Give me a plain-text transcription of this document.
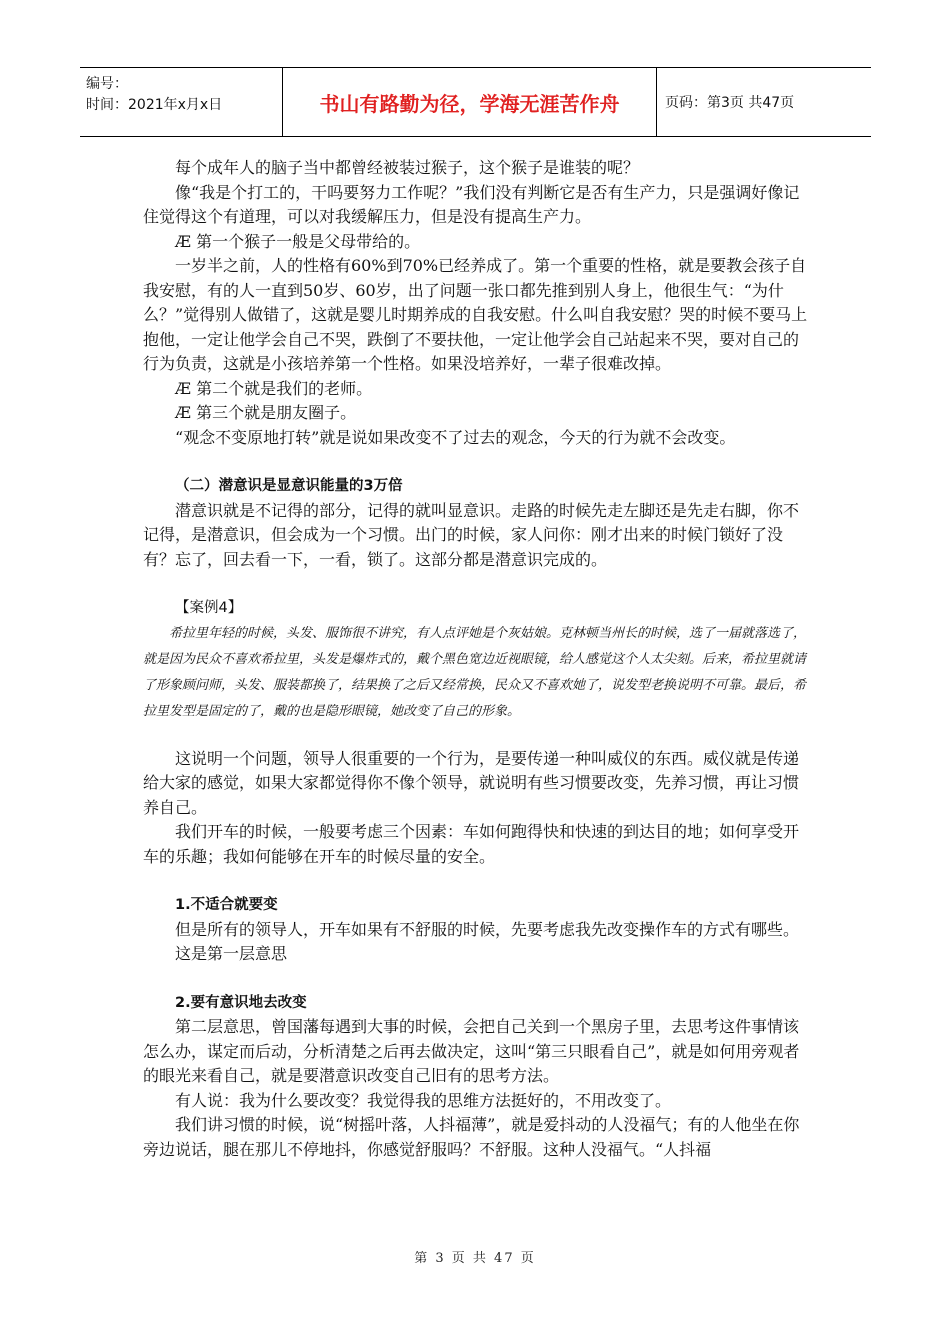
编号：
时间：2021年x月x日	书山有路勤为径，学海无涯苦作舟	页码：第3页 共47页

每个成年人的脑子当中都曾经被装过猴子，这个猴子是谁装的呢？

像“我是个打工的，干吗要努力工作呢？”我们没有判断它是否有生产力，只是强调好像记住觉得这个有道理，可以对我缓解压力，但是没有提高生产力。

Æ 第一个猴子一般是父母带给的。

一岁半之前，人的性格有60%到70%已经养成了。第一个重要的性格，就是要教会孩子自我安慰，有的人一直到50岁、60岁，出了问题一张口都先推到别人身上，他很生气：“为什么？”觉得别人做错了，这就是婴儿时期养成的自我安慰。什么叫自我安慰？哭的时候不要马上抱他，一定让他学会自己不哭，跌倒了不要扶他，一定让他学会自己站起来不哭，要对自己的行为负责，这就是小孩培养第一个性格。如果没培养好，一辈子很难改掉。

Æ 第二个就是我们的老师。

Æ 第三个就是朋友圈子。

“观念不变原地打转”就是说如果改变不了过去的观念，今天的行为就不会改变。

（二）潜意识是显意识能量的3万倍

潜意识就是不记得的部分，记得的就叫显意识。走路的时候先走左脚还是先走右脚，你不记得，是潜意识，但会成为一个习惯。出门的时候，家人问你：刚才出来的时候门锁好了没有？忘了，回去看一下，一看，锁了。这部分都是潜意识完成的。

【案例4】

希拉里年轻的时候，头发、服饰很不讲究，有人点评她是个灰姑娘。克林顿当州长的时候，选了一届就落选了，就是因为民众不喜欢希拉里，头发是爆炸式的，戴个黑色宽边近视眼镜，给人感觉这个人太尖刻。后来，希拉里就请了形象顾问师，头发、服装都换了，结果换了之后又经常换，民众又不喜欢她了，说发型老换说明不可靠。最后，希拉里发型是固定的了，戴的也是隐形眼镜，她改变了自己的形象。

这说明一个问题，领导人很重要的一个行为，是要传递一种叫威仪的东西。威仪就是传递给大家的感觉，如果大家都觉得你不像个领导，就说明有些习惯要改变，先养习惯，再让习惯养自己。

我们开车的时候，一般要考虑三个因素：车如何跑得快和快速的到达目的地；如何享受开车的乐趣；我如何能够在开车的时候尽量的安全。

1.不适合就要变

但是所有的领导人，开车如果有不舒服的时候，先要考虑我先改变操作车的方式有哪些。

这是第一层意思

2.要有意识地去改变

第二层意思，曾国藩每遇到大事的时候，会把自己关到一个黑房子里，去思考这件事情该怎么办，谋定而后动，分析清楚之后再去做决定，这叫“第三只眼看自己”，就是如何用旁观者的眼光来看自己，就是要潜意识改变自己旧有的思考方法。

有人说：我为什么要改变？我觉得我的思维方法挺好的，不用改变了。

我们讲习惯的时候，说“树摇叶落，人抖福薄”，就是爱抖动的人没福气；有的人他坐在你旁边说话，腿在那儿不停地抖，你感觉舒服吗？不舒服。这种人没福气。“人抖福

第 3 页 共 47 页
